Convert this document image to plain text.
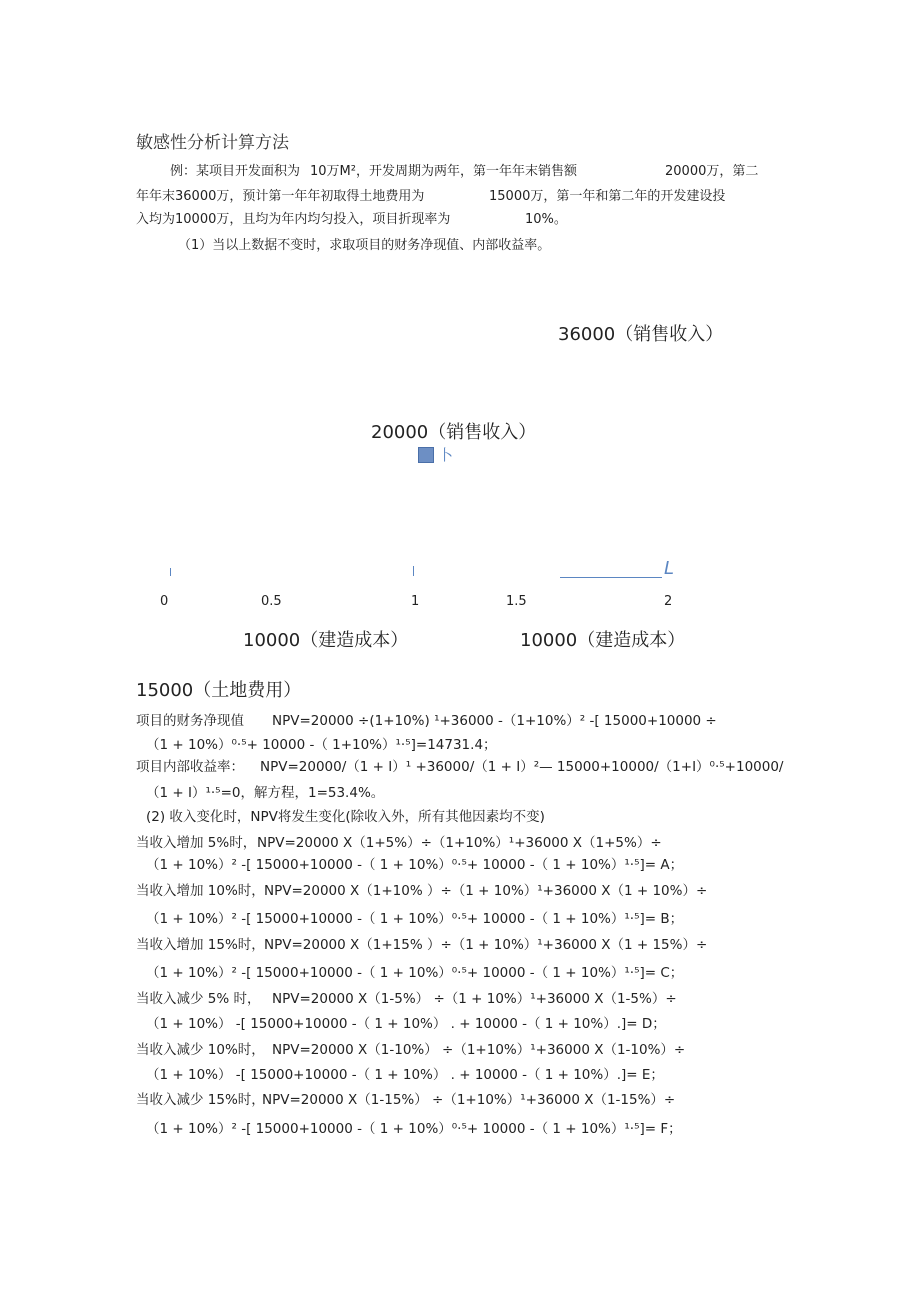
敏感性分析计算方法
例：某项目开发面积为 10万M²，开发周期为两年，第一年年末销售额	20000万，第二
年年末36000万，预计第一年年初取得土地费用为	15000万，第一年和第二年的开发建设投
入均为10000万，且均为年内均匀投入，项目折现率为	10%。
（1）当以上数据不变时，求取项目的财务净现值、内部收益率。
36000（销售收入）
20000（销售收入）
卜
L
0	0.5	1	1.5	2
10000（建造成本）	10000（建造成本）
15000（土地费用）
项目的财务净现值 NPV=20000 ÷(1+10%) ¹+36000 -（1+10%）² -[ 15000+10000 ÷
（1 + 10%）⁰·⁵+ 10000 -（ 1+10%）¹·⁵]=14731.4；
项目内部收益率： NPV=20000/（1 + I）¹ +36000/（1 + I）²— 15000+10000/（1+I）⁰·⁵+10000/
（1 + I）¹·⁵=0，解方程，1=53.4%。
(2) 收入变化时，NPV将发生变化(除收入外，所有其他因素均不变)
当收入增加 5%时，NPV=20000 X（1+5%）÷（1+10%）¹+36000 X（1+5%）÷
（1 + 10%）² -[ 15000+10000 -（ 1 + 10%）⁰·⁵+ 10000 -（ 1 + 10%）¹·⁵]= A；
当收入增加 10%时，NPV=20000 X（1+10% ）÷（1 + 10%）¹+36000 X（1 + 10%）÷
（1 + 10%）² -[ 15000+10000 -（ 1 + 10%）⁰·⁵+ 10000 -（ 1 + 10%）¹·⁵]= B；
当收入增加 15%时，NPV=20000 X（1+15% ）÷（1 + 10%）¹+36000 X（1 + 15%）÷
（1 + 10%）² -[ 15000+10000 -（ 1 + 10%）⁰·⁵+ 10000 -（ 1 + 10%）¹·⁵]= C；
当收入减少 5% 时， NPV=20000 X（1-5%） ÷（1 + 10%）¹+36000 X（1-5%）÷
（1 + 10%） -[ 15000+10000 -（ 1 + 10%） . + 10000 -（ 1 + 10%）.]= D；
当收入减少 10%时， NPV=20000 X（1-10%） ÷（1+10%）¹+36000 X（1-10%）÷
（1 + 10%） -[ 15000+10000 -（ 1 + 10%） . + 10000 -（ 1 + 10%）.]= E；
当收入减少 15%时，NPV=20000 X（1-15%） ÷（1+10%）¹+36000 X（1-15%）÷
（1 + 10%）² -[ 15000+10000 -（ 1 + 10%）⁰·⁵+ 10000 -（ 1 + 10%）¹·⁵]= F；
